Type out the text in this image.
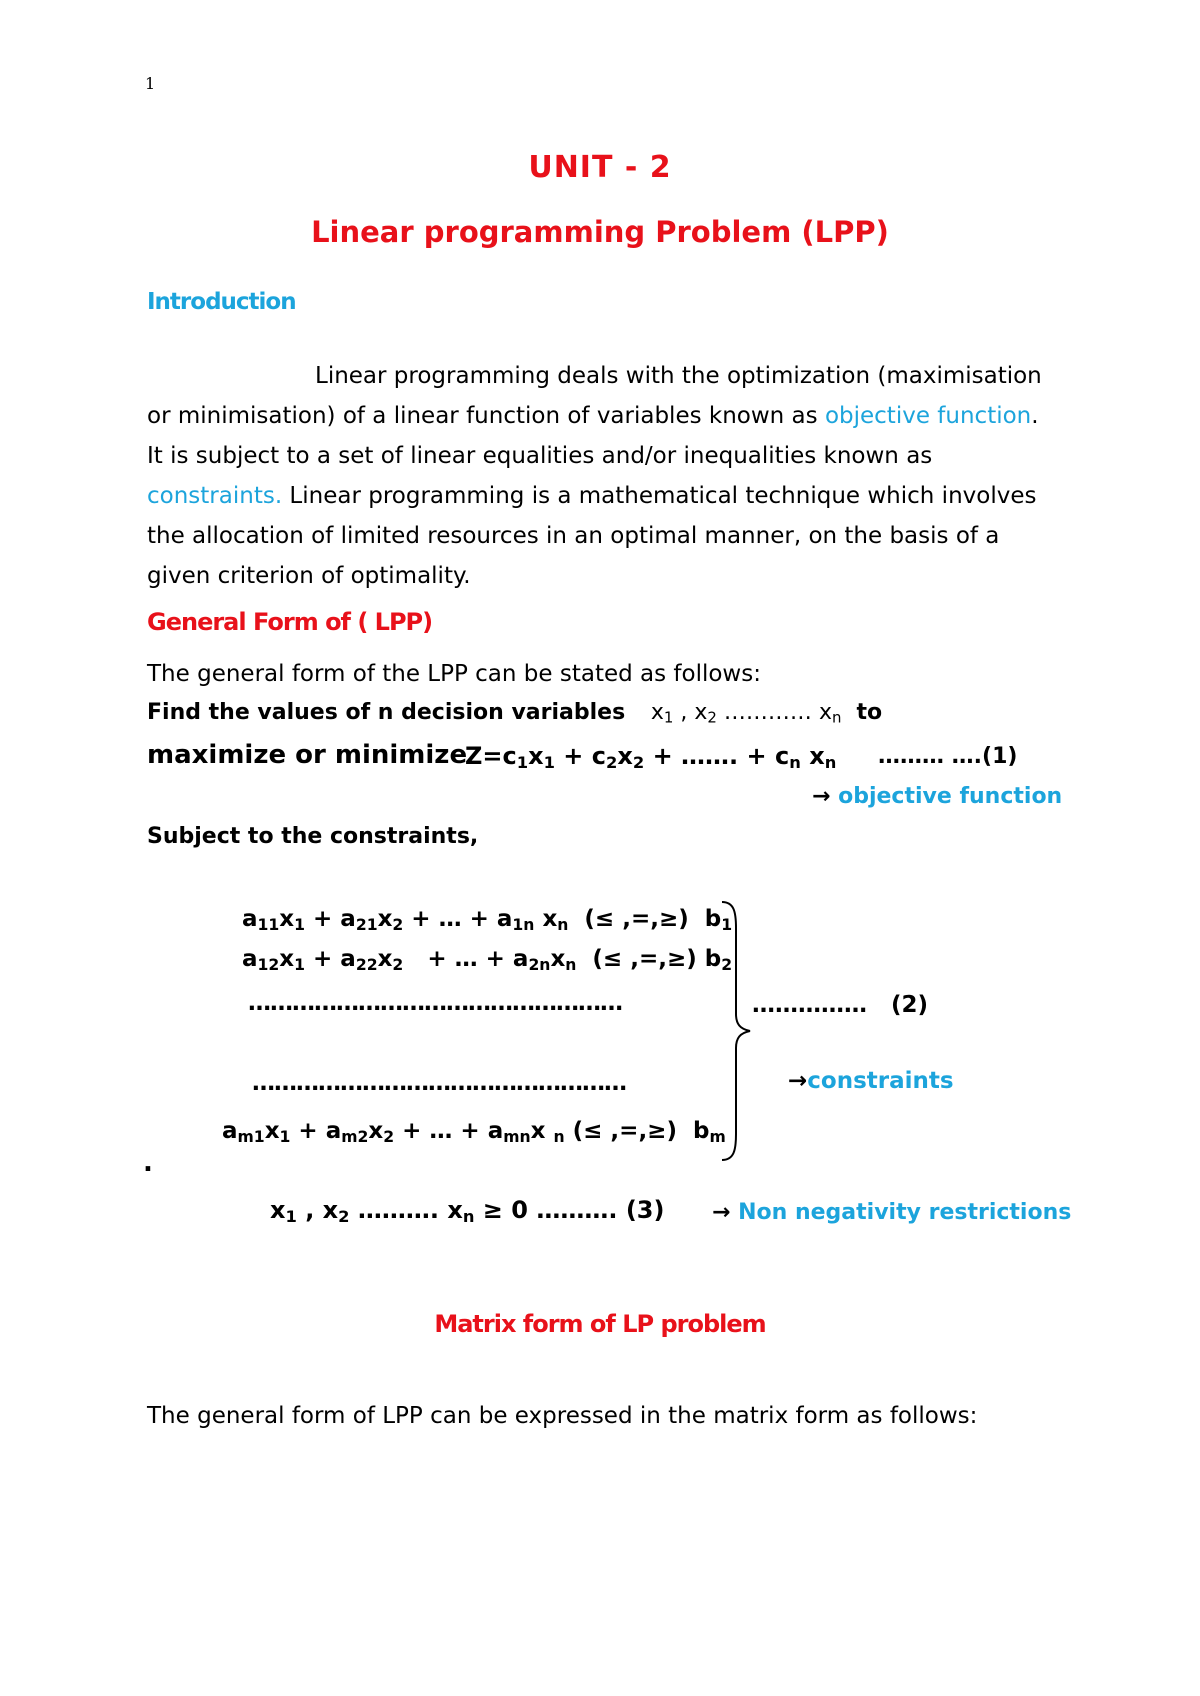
1
UNIT - 2
Linear programming Problem (LPP)
Introduction
Linear programming deals with the optimization (maximisation
or minimisation) of a linear function of variables known as objective function.
It is subject to a set of linear equalities and/or inequalities known as
constraints. Linear programming is a mathematical technique which involves
the allocation of limited resources in an optimal manner, on the basis of a
given criterion of optimality.
General Form of ( LPP)
The general form of the LPP can be stated as follows:
Find the values of n decision variables $x_1$ , $x_2$ ………… $x_n$ to
maximize or minimize
$Z=c_1x_1 + c_2x_2$ + ……. + $c_n$ $x_n$ ……… ….(1)
→ objective function
Subject to the constraints,
$a_{11}x_1 + a_{21}x_2$ + … + $a_{1n}$ $x_n$ (≤ ,=,≥) $b_1$
$a_{12}x_1 + a_{22}x_2$   + … + $a_{2n}x_n$ (≤ ,=,≥) $b_2$
……………………………………………
……………………………………………
$a_{m1}x_1 + a_{m2}x_2$ + … + $a_{mn}x$ $_n$ (≤ ,=,≥) $b_m$
…………… (2)
→constraints
.
$x_1$ , $x_2$ ………. $x_n \ge 0$ ………. (3) → Non negativity restrictions
Matrix form of LP problem
The general form of LPP can be expressed in the matrix form as follows:
